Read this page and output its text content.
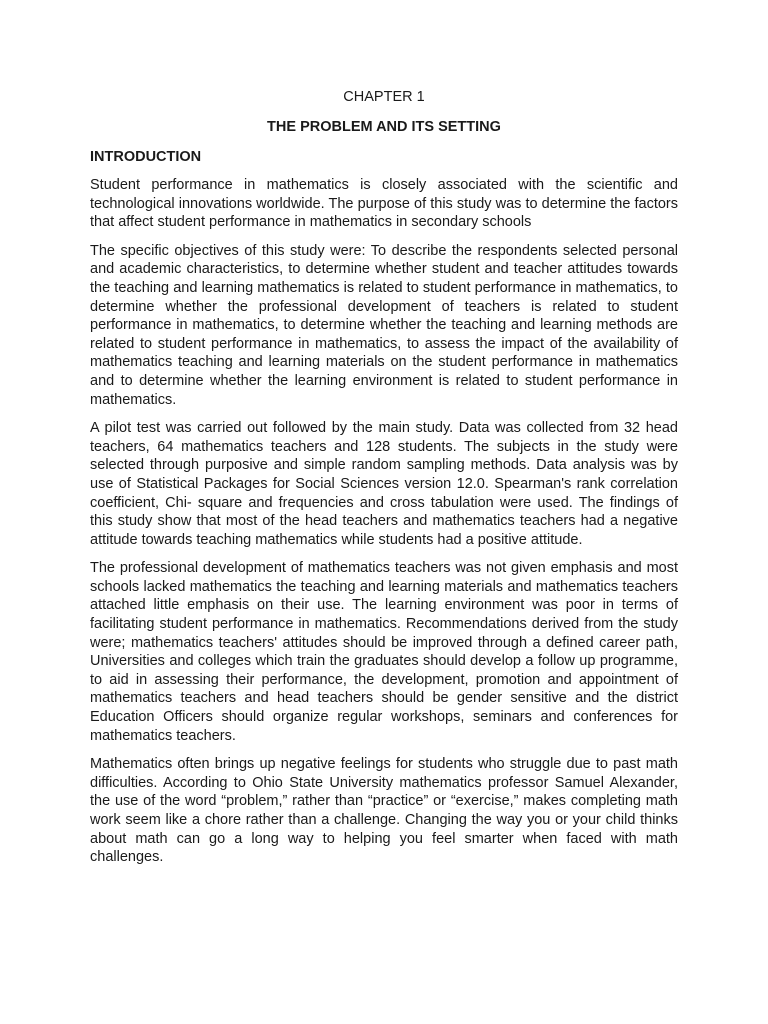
CHAPTER 1
THE PROBLEM AND ITS SETTING
INTRODUCTION

Student performance in mathematics is closely associated with the scientific and technological innovations worldwide. The purpose of this study was to determine the factors that affect student performance in mathematics in secondary schools

The specific objectives of this study were: To describe the respondents selected personal and academic characteristics, to determine whether student and teacher attitudes towards the teaching and learning mathematics is related to student performance in mathematics, to determine whether the professional development of teachers is related to student performance in mathematics, to determine whether the teaching and learning methods are related to student performance in mathematics, to assess the impact of the availability of mathematics teaching and learning materials on the student performance in mathematics and to determine whether the learning environment is related to student performance in mathematics.

A pilot test was carried out followed by the main study. Data was collected from 32 head teachers, 64 mathematics teachers and 128 students. The subjects in the study were selected through purposive and simple random sampling methods. Data analysis was by use of Statistical Packages for Social Sciences version 12.0. Spearman's rank correlation coefficient, Chi- square and frequencies and cross tabulation were used. The findings of this study show that most of the head teachers and mathematics teachers had a negative attitude towards teaching mathematics while students had a positive attitude.

The professional development of mathematics teachers was not given emphasis and most schools lacked mathematics the teaching and learning materials and mathematics teachers attached little emphasis on their use. The learning environment was poor in terms of facilitating student performance in mathematics. Recommendations derived from the study were; mathematics teachers' attitudes should be improved through a defined career path, Universities and colleges which train the graduates should develop a follow up programme, to aid in assessing their performance, the development, promotion and appointment of mathematics teachers and head teachers should be gender sensitive and the district Education Officers should organize regular workshops, seminars and conferences for mathematics teachers.

Mathematics often brings up negative feelings for students who struggle due to past math difficulties. According to Ohio State University mathematics professor Samuel Alexander, the use of the word “problem,” rather than “practice” or “exercise,” makes completing math work seem like a chore rather than a challenge. Changing the way you or your child thinks about math can go a long way to helping you feel smarter when faced with math challenges.
